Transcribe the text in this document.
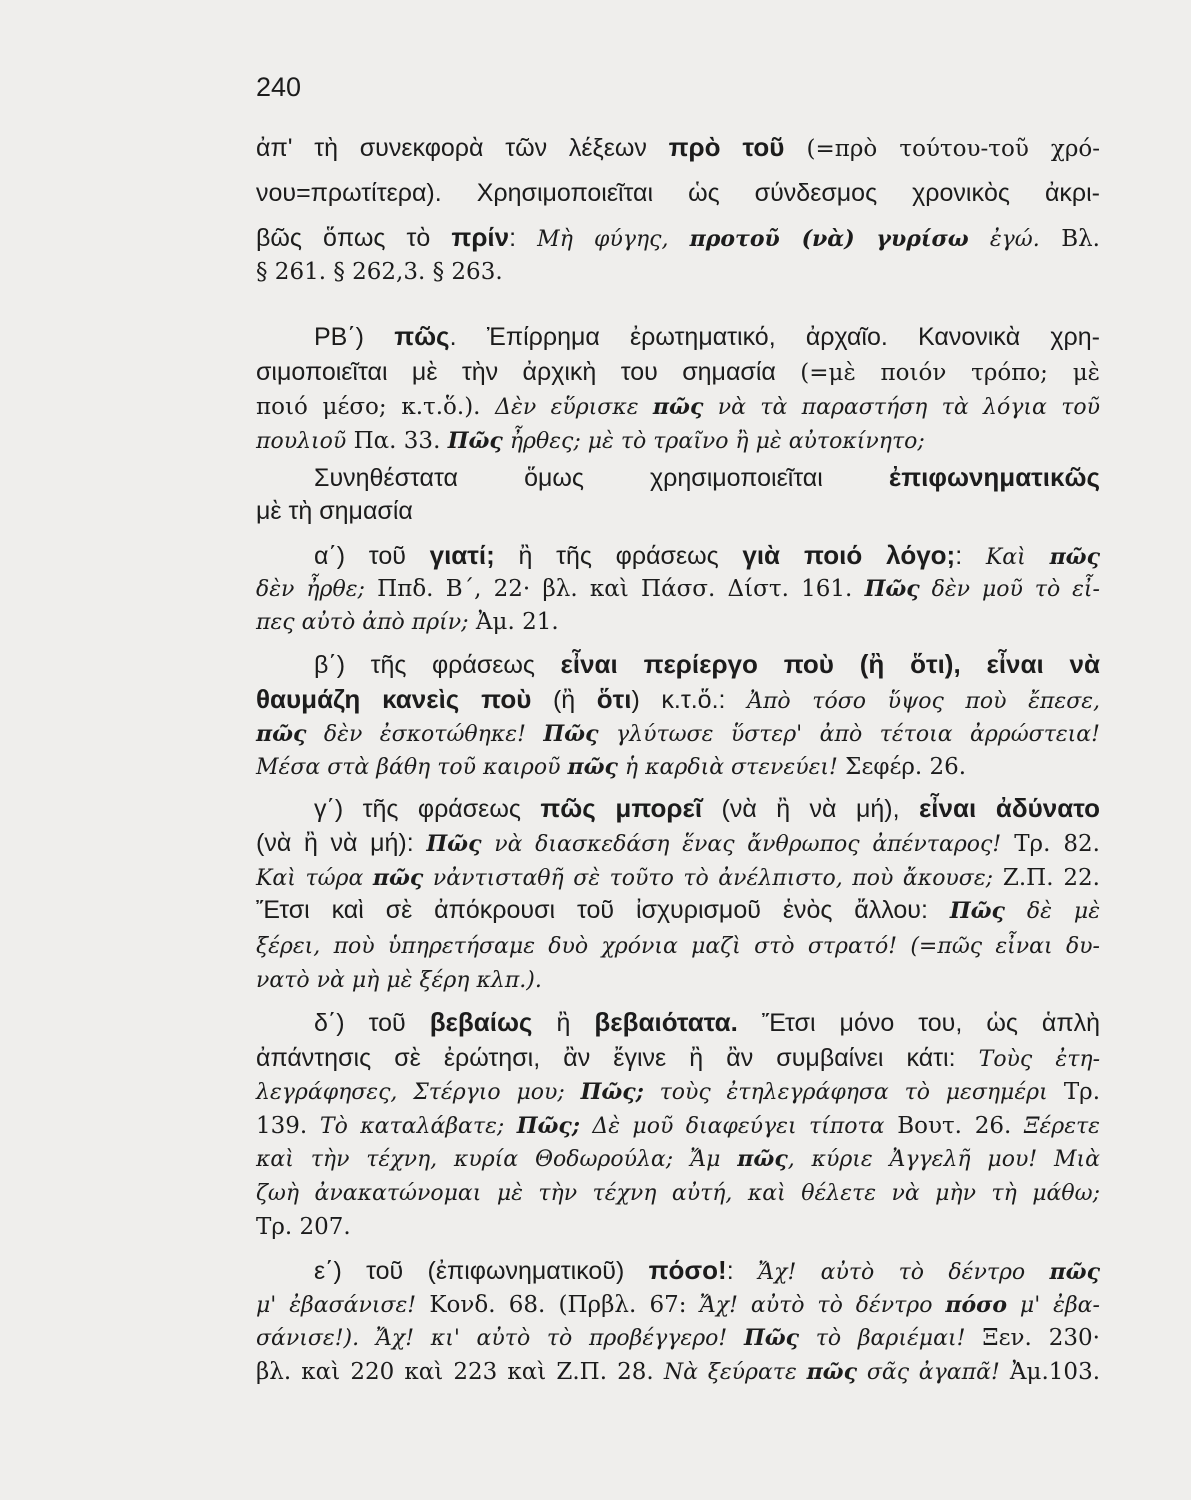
240
ἀπ' τὴ συνεκφορὰ τῶν λέξεων πρὸ τοῦ (=πρὸ τούτου-τοῦ χρό-
νου=πρωτίτερα). Χρησιμοποιεῖται ὡς σύνδεσμος χρονικὸς ἀκρι-
βῶς ὅπως τὸ πρίν: Μὴ φύγης, προτοῦ (νὰ) γυρίσω ἐγώ. Βλ.
§ 261. § 262,3. § 263.
ΡΒ΄) πῶς. Ἐπίρρημα ἐρωτηματικό, ἀρχαῖο. Κανονικὰ χρη-
σιμοποιεῖται μὲ τὴν ἀρχικὴ του σημασία (=μὲ ποιόν τρόπο; μὲ
ποιό μέσο; κ.τ.ὅ.). Δὲν εὕρισκε πῶς νὰ τὰ παραστήση τὰ λόγια τοῦ
πουλιοῦ Πα. 33. Πῶς ἦρθες; μὲ τὸ τραῖνο ἢ μὲ αὐτοκίνητο;
Συνηθέστατα ὅμως χρησιμοποιεῖται ἐπιφωνηματικῶς
μὲ τὴ σημασία
α΄) τοῦ γιατί; ἢ τῆς φράσεως γιὰ ποιό λόγο;: Καὶ πῶς
δὲν ἦρθε; Ππδ. Β΄, 22· βλ. καὶ Πάσσ. Δίστ. 161. Πῶς δὲν μοῦ τὸ εἶ-
πες αὐτὸ ἀπὸ πρίν; Ἀμ. 21.
β΄) τῆς φράσεως εἶναι περίεργο ποὺ (ἢ ὅτι), εἶναι νὰ
θαυμάζη κανεὶς ποὺ (ἢ ὅτι) κ.τ.ὅ.: Ἀπὸ τόσο ὕψος ποὺ ἔπεσε,
πῶς δὲν ἐσκοτώθηκε! Πῶς γλύτωσε ὕστερ' ἀπὸ τέτοια ἀρρώστεια!
Μέσα στὰ βάθη τοῦ καιροῦ πῶς ἡ καρδιὰ στενεύει! Σεφέρ. 26.
γ΄) τῆς φράσεως πῶς μπορεῖ (νὰ ἢ νὰ μή), εἶναι ἀδύνατο
(νὰ ἢ νὰ μή): Πῶς νὰ διασκεδάση ἕνας ἄνθρωπος ἀπένταρος! Τρ. 82.
Καὶ τώρα πῶς νἀντισταθῆ σὲ τοῦτο τὸ ἀνέλπιστο, ποὺ ἄκουσε; Ζ.Π. 22.
Ἔτσι καὶ σὲ ἀπόκρουσι τοῦ ἰσχυρισμοῦ ἑνὸς ἄλλου: Πῶς δὲ μὲ
ξέρει, ποὺ ὑπηρετήσαμε δυὸ χρόνια μαζὶ στὸ στρατό! (=πῶς εἶναι δυ-
νατὸ νὰ μὴ μὲ ξέρη κλπ.).
δ΄) τοῦ βεβαίως ἢ βεβαιότατα. Ἔτσι μόνο του, ὡς ἁπλὴ
ἀπάντησις σὲ ἐρώτησι, ἂν ἔγινε ἢ ἂν συμβαίνει κάτι: Τοὺς ἐτη-
λεγράφησες, Στέργιο μου; Πῶς; τοὺς ἐτηλεγράφησα τὸ μεσημέρι Τρ.
139. Τὸ καταλάβατε; Πῶς; Δὲ μοῦ διαφεύγει τίποτα Βουτ. 26. Ξέρετε
καὶ τὴν τέχνη, κυρία Θοδωρούλα; Ἄμ πῶς, κύριε Ἀγγελῆ μου! Μιὰ
ζωὴ ἀνακατώνομαι μὲ τὴν τέχνη αὐτή, καὶ θέλετε νὰ μὴν τὴ μάθω;
Τρ. 207.
ε΄) τοῦ (ἐπιφωνηματικοῦ) πόσο!: Ἄχ! αὐτὸ τὸ δέντρο πῶς
μ' ἐβασάνισε! Κονδ. 68. (Πρβλ. 67: Ἄχ! αὐτὸ τὸ δέντρο πόσο μ' ἐβα-
σάνισε!). Ἄχ! κι' αὐτὸ τὸ προβέγγερο! Πῶς τὸ βαριέμαι! Ξεν. 230·
βλ. καὶ 220 καὶ 223 καὶ Ζ.Π. 28. Νὰ ξεύρατε πῶς σᾶς ἀγαπᾶ! Ἀμ.103.
